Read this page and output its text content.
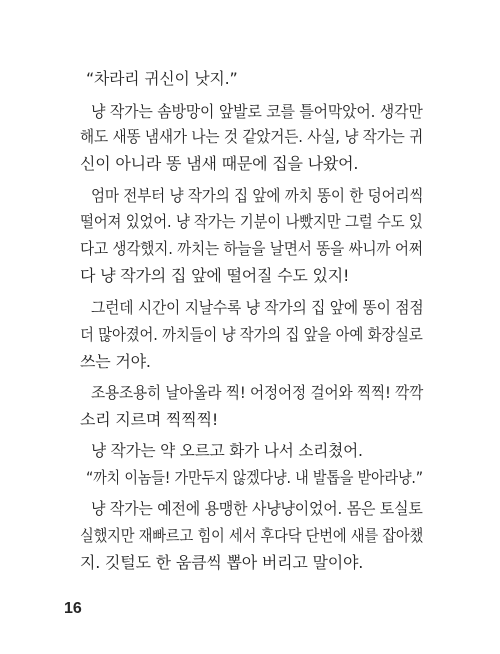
“차라리 귀신이 낫지.”
냥 작가는 솜방망이 앞발로 코를 틀어막았어. 생각만
해도 새똥 냄새가 나는 것 같았거든. 사실, 냥 작가는 귀
신이 아니라 똥 냄새 때문에 집을 나왔어.
엄마 전부터 냥 작가의 집 앞에 까치 똥이 한 덩어리씩
떨어져 있었어. 냥 작가는 기분이 나빴지만 그럴 수도 있
다고 생각했지. 까치는 하늘을 날면서 똥을 싸니까 어쩌
다 냥 작가의 집 앞에 떨어질 수도 있지!
그런데 시간이 지날수록 냥 작가의 집 앞에 똥이 점점
더 많아졌어. 까치들이 냥 작가의 집 앞을 아예 화장실로
쓰는 거야.
조용조용히 날아올라 찍! 어정어정 걸어와 찍찍! 깍깍
소리 지르며 찍찍찍!
냥 작가는 약 오르고 화가 나서 소리쳤어.
“까치 이놈들! 가만두지 않겠다냥. 내 발톱을 받아라냥.”
냥 작가는 예전에 용맹한 사냥냥이었어. 몸은 토실토
실했지만 재빠르고 힘이 세서 후다닥 단번에 새를 잡아챘
지. 깃털도 한 움큼씩 뽑아 버리고 말이야.
16
